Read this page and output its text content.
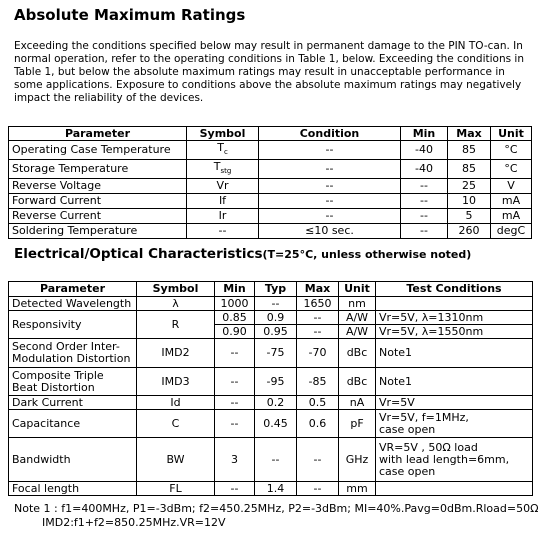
Absolute Maximum Ratings

Exceeding the conditions specified below may result in permanent damage to the PIN TO-can. In normal operation, refer to the operating conditions in Table 1, below. Exceeding the conditions in Table 1, but below the absolute maximum ratings may result in unacceptable performance in some applications. Exposure to conditions above the absolute maximum ratings may negatively impact the reliability of the devices.

Parameter	Symbol	Condition	Min	Max	Unit
Operating Case Temperature	$T_c$	--	-40	85	°C
Storage Temperature	$T_{stg}$	--	-40	85	°C
Reverse Voltage	Vr	--	--	25	V
Forward Current	If	--	--	10	mA
Reverse Current	Ir	--	--	5	mA
Soldering Temperature	--	≤10 sec.	--	260	degC
Electrical/Optical Characteristics(T=25°C, unless otherwise noted)
Parameter	Symbol	Min	Typ	Max	Unit	Test Conditions
Detected Wavelength	λ	1000	--	1650	nm	
Responsivity	R	0.85	0.9	--	A/W	Vr=5V, λ=1310nm
		0.90	0.95	--	A/W	Vr=5V, λ=1550nm

Second Order Inter-
Modulation Distortion	IMD2	--	-75	-70	dBc	Note1

Composite Triple
Beat Distortion	IMD3	--	-95	-85	dBc	Note1
Dark Current	Id	--	0.2	0.5	nA	Vr=5V
Capacitance	C	--	0.45	0.6	pF	Vr=5V, f=1MHz,
case open

Bandwidth	BW	3	--	--	GHz	VR=5V , 50Ω load
with lead length=6mm,
case open

Focal length	FL	--	1.4	--	mm	
Note 1 : f1=400MHz, P1=-3dBm; f2=450.25MHz, P2=-3dBm; MI=40%.Pavg=0dBm.Rload=50Ω
IMD2:f1+f2=850.25MHz.VR=12V
